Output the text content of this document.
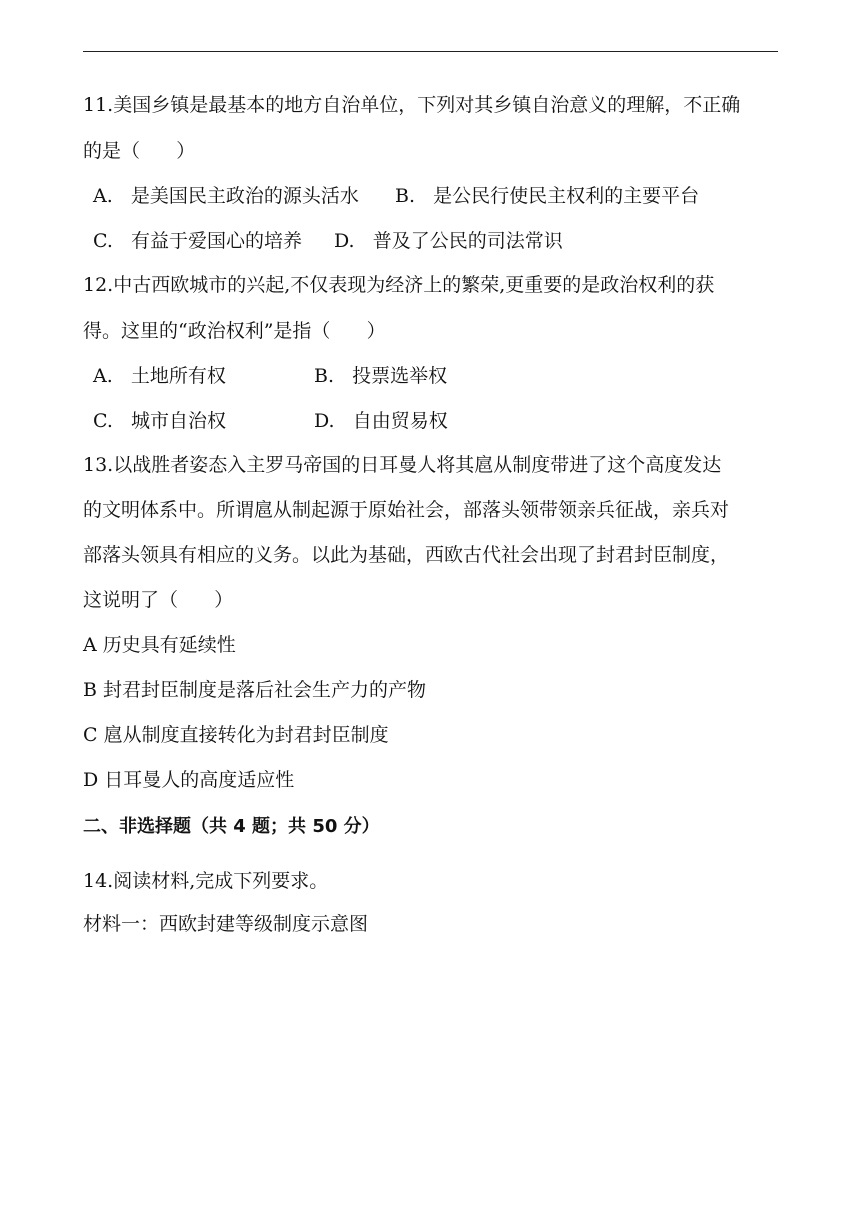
11.美国乡镇是最基本的地方自治单位，下列对其乡镇自治意义的理解，不正确
的是（      ）
A.   是美国民主政治的源头活水 B.   是公民行使民主权利的主要平台
C.   有益于爱国心的培养 D.   普及了公民的司法常识
12.中古西欧城市的兴起,不仅表现为经济上的繁荣,更重要的是政治权利的获
得。这里的“政治权利”是指（      ）
A.   土地所有权	B.   投票选举权
C.   城市自治权	D.   自由贸易权
13.以战胜者姿态入主罗马帝国的日耳曼人将其扈从制度带进了这个高度发达
的文明体系中。所谓扈从制起源于原始社会，部落头领带领亲兵征战，亲兵对
部落头领具有相应的义务。以此为基础，西欧古代社会出现了封君封臣制度，
这说明了（      ）
A 历史具有延续性
B 封君封臣制度是落后社会生产力的产物
C 扈从制度直接转化为封君封臣制度
D 日耳曼人的高度适应性
二、非选择题（共 4 题；共 50 分）
14.阅读材料,完成下列要求。
材料一：西欧封建等级制度示意图
